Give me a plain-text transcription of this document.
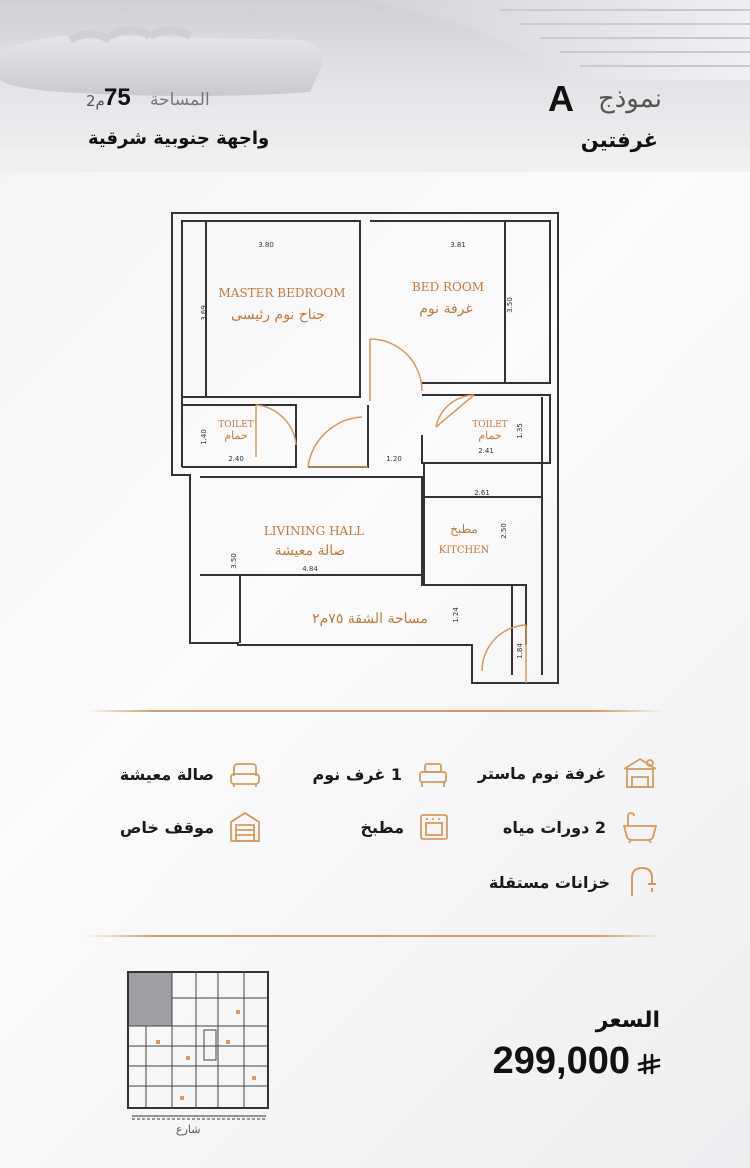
نموذج
A
غرفتين
المساحة
75
م2
واجهة جنوبية شرقية
MASTER BEDROOM
جناح نوم رئيسى
BED ROOM
غرفة نوم
TOILET
حمام
TOILET
حمام
LIVINING HALL
صالة معيشة
مطبخ
KITCHEN
مساحة الشقة ٧٥م٢
3.80	3.81
3.69
3.50
1.40
2.40	1.20
2.41
1.35
2.61
2.50
3.50
4.84
1.24
1.84
غرفة نوم ماستر
1 غرف نوم
صالة معيشة
2 دورات مياه
مطبخ
موقف خاص
خزانات مستقلة
السعر
299,000
شارع
